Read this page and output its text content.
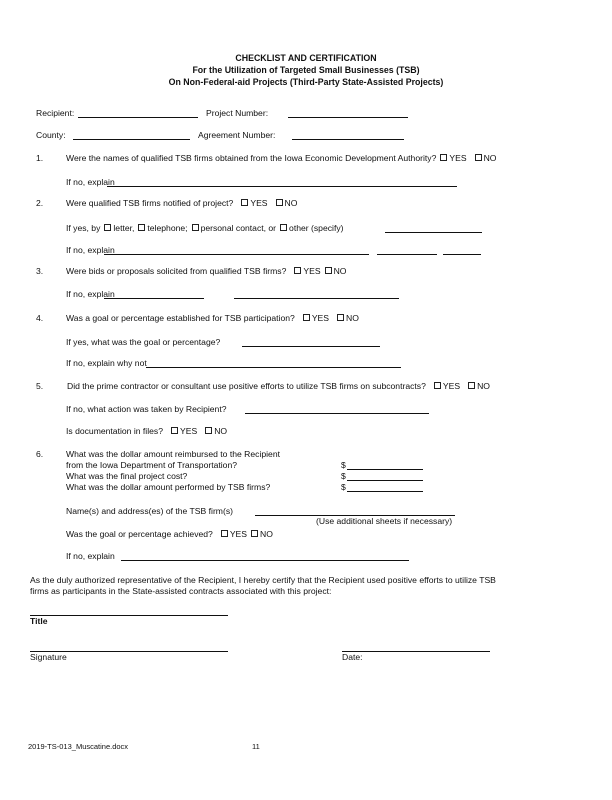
CHECKLIST AND CERTIFICATION
For the Utilization of Targeted Small Businesses (TSB)
On Non-Federal-aid Projects (Third-Party State-Assisted Projects)
Recipient:	Project Number:
County:	Agreement Number:
1.	Were the names of qualified TSB firms obtained from the Iowa Economic Development Authority? YES NO
If no, explain
2.	Were qualified TSB firms notified of project? YES NO
If yes, by letter, telephone; personal contact, or other (specify)
If no, explain
3.	Were bids or proposals solicited from qualified TSB firms? YES NO
If no, explain
4.	Was a goal or percentage established for TSB participation? YES NO
If yes, what was the goal or percentage?
If no, explain why not
5.	Did the prime contractor or consultant use positive efforts to utilize TSB firms on subcontracts? YES NO
If no, what action was taken by Recipient?
Is documentation in files? YES NO
6.	What was the dollar amount reimbursed to the Recipient
from the Iowa Department of Transportation?	$
What was the final project cost?	$
What was the dollar amount performed by TSB firms?	$
Name(s) and address(es) of the TSB firm(s)
(Use additional sheets if necessary)
Was the goal or percentage achieved? YES NO
If no, explain
As the duly authorized representative of the Recipient, I hereby certify that the Recipient used positive efforts to utilize TSB
firms as participants in the State-assisted contracts associated with this project:
Title
Signature	Date:
2019-TS-013_Muscatine.docx	11
